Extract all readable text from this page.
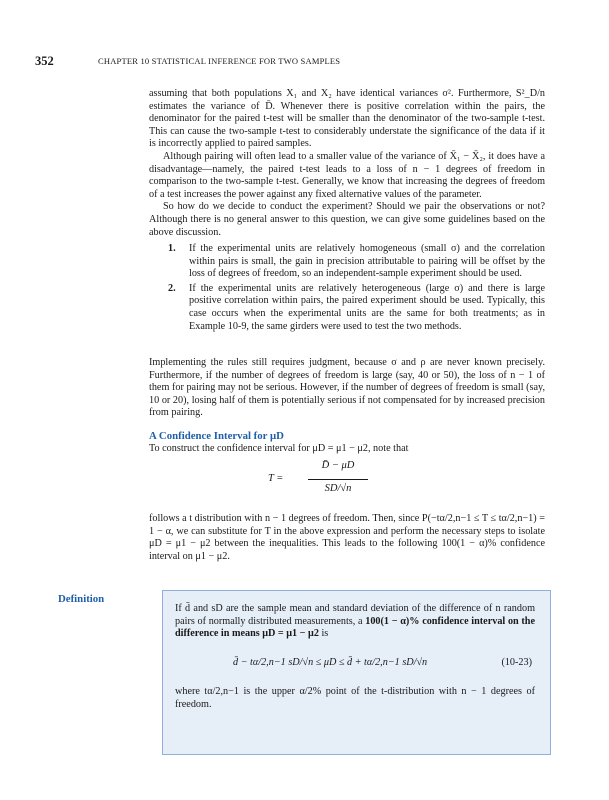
352	CHAPTER 10 STATISTICAL INFERENCE FOR TWO SAMPLES

assuming that both populations X₁ and X₂ have identical variances σ². Furthermore, S²_D/n estimates the variance of D̄. Whenever there is positive correlation within the pairs, the denominator for the paired t-test will be smaller than the denominator of the two-sample t-test. This can cause the two-sample t-test to considerably understate the significance of the data if it is incorrectly applied to paired samples.

Although pairing will often lead to a smaller value of the variance of X̄₁ − X̄₂, it does have a disadvantage—namely, the paired t-test leads to a loss of n − 1 degrees of freedom in comparison to the two-sample t-test. Generally, we know that increasing the degrees of freedom of a test increases the power against any fixed alternative values of the parameter.

So how do we decide to conduct the experiment? Should we pair the observations or not? Although there is no general answer to this question, we can give some guidelines based on the above discussion.

1. If the experimental units are relatively homogeneous (small σ) and the correlation within pairs is small, the gain in precision attributable to pairing will be offset by the loss of degrees of freedom, so an independent-sample experiment should be used.
2. If the experimental units are relatively heterogeneous (large σ) and there is large positive correlation within pairs, the paired experiment should be used. Typically, this case occurs when the experimental units are the same for both treatments; as in Example 10-9, the same girders were used to test the two methods.

Implementing the rules still requires judgment, because σ and ρ are never known precisely. Furthermore, if the number of degrees of freedom is large (say, 40 or 50), the loss of n − 1 of them for pairing may not be serious. However, if the number of degrees of freedom is small (say, 10 or 20), losing half of them is potentially serious if not compensated for by increased precision from pairing.

A Confidence Interval for μD

To construct the confidence interval for μD = μ1 − μ2, note that

T =
D̄ − μD
SD/√n

follows a t distribution with n − 1 degrees of freedom. Then, since P(−tα/2,n−1 ≤ T ≤ tα/2,n−1) = 1 − α, we can substitute for T in the above expression and perform the necessary steps to isolate μD = μ1 − μ2 between the inequalities. This leads to the following 100(1 − α)% confidence interval on μ1 − μ2.

Definition
If d̄ and sD are the sample mean and standard deviation of the difference of n random pairs of normally distributed measurements, a 100(1 − α)% confidence interval on the difference in means μD = μ1 − μ2 is
d̄ − tα/2,n−1 sD/√n ≤ μD ≤ d̄ + tα/2,n−1 sD/√n	(10-23)
where tα/2,n−1 is the upper α/2% point of the t-distribution with n − 1 degrees of freedom.
